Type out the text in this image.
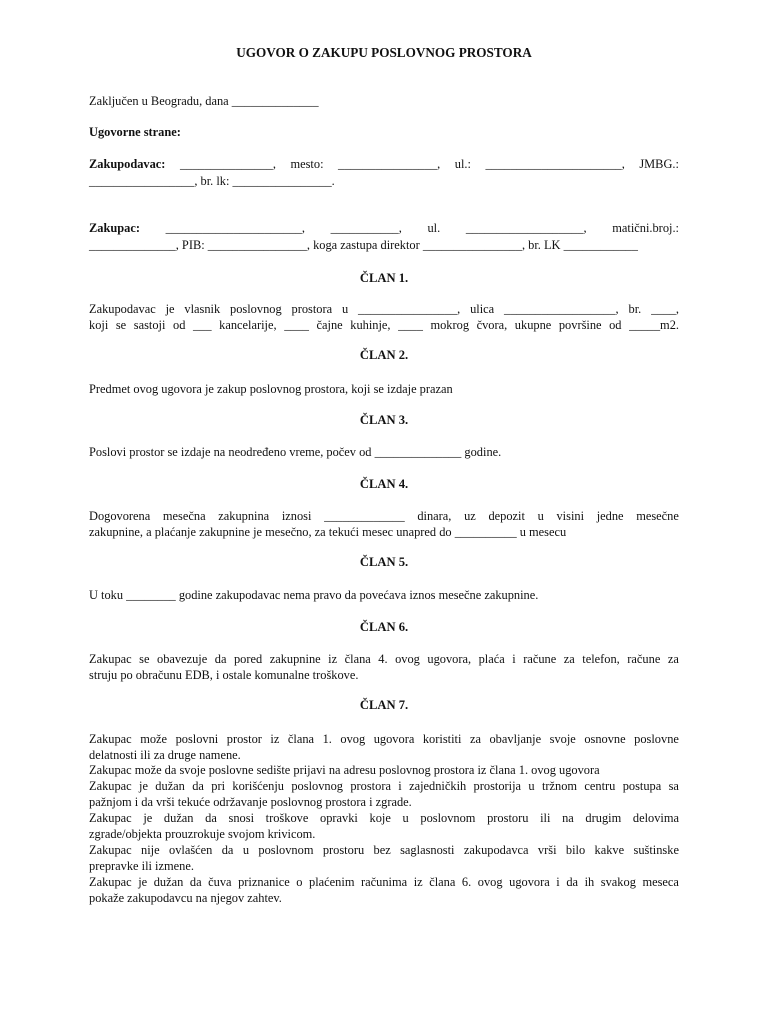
UGOVOR O ZAKUPU POSLOVNOG PROSTORA
Zaključen u Beogradu, dana ______________
Ugovorne strane:
Zakupodavac: _______________, mesto: ________________, ul.: ______________________, JMBG.:
_________________, br. lk: ________________.
Zakupac: ______________________, ___________, ul. ___________________, matični.broj.:
______________, PIB: ________________, koga zastupa direktor ________________, br. LK ____________
ČLAN 1.
Zakupodavac je vlasnik poslovnog prostora u ________________, ulica __________________, br. ____,
koji se sastoji od ___ kancelarije, ____ čajne kuhinje, ____ mokrog čvora, ukupne površine od _____m2.
ČLAN 2.
Predmet ovog ugovora je zakup poslovnog prostora, koji se izdaje prazan
ČLAN 3.
Poslovi prostor se izdaje na neodređeno vreme, počev od ______________ godine.
ČLAN 4.
Dogovorena mesečna zakupnina iznosi _____________ dinara, uz depozit u visini jedne mesečne
zakupnine, a plaćanje zakupnine je mesečno, za tekući mesec unapred do __________ u mesecu
ČLAN 5.
U toku ________ godine zakupodavac nema pravo da povećava iznos mesečne zakupnine.
ČLAN 6.
Zakupac se obavezuje da pored zakupnine iz člana 4. ovog ugovora, plaća i račune za telefon, račune za
struju po obračunu EDB, i ostale komunalne troškove.
ČLAN 7.
Zakupac može poslovni prostor iz člana 1. ovog ugovora koristiti za obavljanje svoje osnovne poslovne
delatnosti ili za druge namene.
Zakupac može da svoje poslovne sedište prijavi na adresu poslovnog prostora iz člana 1. ovog ugovora
Zakupac je dužan da pri korišćenju poslovnog prostora i zajedničkih prostorija u tržnom centru postupa sa
pažnjom i da vrši tekuće održavanje poslovnog prostora i zgrade.
Zakupac je dužan da snosi troškove opravki koje u poslovnom prostoru ili na drugim delovima
zgrade/objekta prouzrokuje svojom krivicom.
Zakupac nije ovlašćen da u poslovnom prostoru bez saglasnosti zakupodavca vrši bilo kakve suštinske
prepravke ili izmene.
Zakupac je dužan da čuva priznanice o plaćenim računima iz člana 6. ovog ugovora i da ih svakog meseca
pokaže zakupodavcu na njegov zahtev.
